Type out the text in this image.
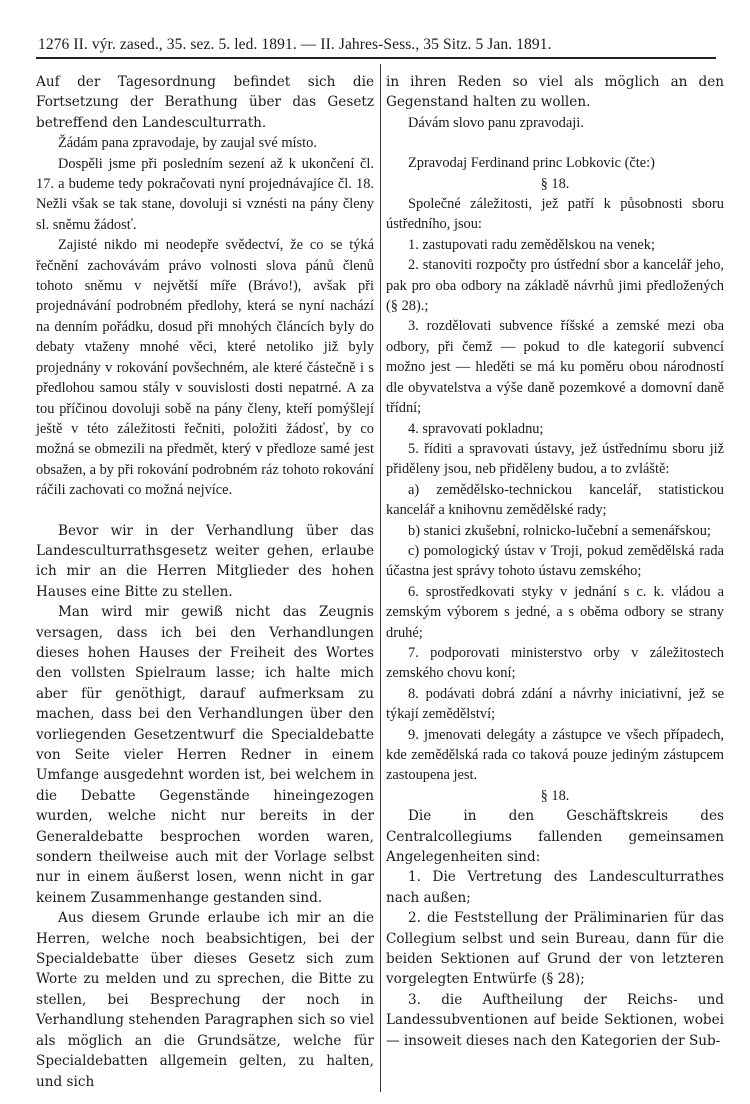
1276 II. výr. zased., 35. sez. 5. led. 1891. — II. Jahres-Sess., 35 Sitz. 5 Jan. 1891.

Auf der Tagesordnung befindet sich die Fortsetzung der Berathung über das Gesetz betreffend den Landesculturrath.

Žádám pana zpravodaje, by zaujal své místo.

Dospěli jsme při posledním sezení až k ukončení čl. 17. a budeme tedy pokračovati nyní projednávajíce čl. 18. Nežli však se tak stane, dovoluji si vznésti na pány členy sl. sněmu žádosť.

Zajisté nikdo mi neodepře svědectví, že co se týká řečnění zachovávám právo volnosti slova pánů členů tohoto sněmu v největší míře (Brávo!), avšak při projednávání podrobném předlohy, která se nyní nachází na denním pořádku, dosud při mnohých článcích byly do debaty vtaženy mnohé věci, které netoliko již byly projednány v rokování povšechném, ale které částečně i s předlohou samou stály v souvislosti dosti nepatrné. A za tou příčinou dovoluji sobě na pány členy, kteří pomýšlejí ještě v této záležitosti řečniti, položiti žádosť, by co možná se obmezili na předmět, který v předloze samé jest obsažen, a by při rokování podrobném ráz tohoto rokování ráčili zachovati co možná nejvíce.

Bevor wir in der Verhandlung über das Landesculturrathsgesetz weiter gehen, erlaube ich mir an die Herren Mitglieder des hohen Hauses eine Bitte zu stellen.

Man wird mir gewiß nicht das Zeugnis versagen, dass ich bei den Verhandlungen dieses hohen Hauses der Freiheit des Wortes den vollsten Spielraum lasse; ich halte mich aber für genöthigt, darauf aufmerksam zu machen, dass bei den Verhandlungen über den vorliegenden Gesetzentwurf die Specialdebatte von Seite vieler Herren Redner in einem Umfange ausgedehnt worden ist, bei welchem in die Debatte Gegenstände hineingezogen wurden, welche nicht nur bereits in der Generaldebatte besprochen worden waren, sondern theilweise auch mit der Vorlage selbst nur in einem äußerst losen, wenn nicht in gar keinem Zusammenhange gestanden sind.

Aus diesem Grunde erlaube ich mir an die Herren, welche noch beabsichtigen, bei der Specialdebatte über dieses Gesetz sich zum Worte zu melden und zu sprechen, die Bitte zu stellen, bei Besprechung der noch in Verhandlung stehenden Paragraphen sich so viel als möglich an die Grundsätze, welche für Specialdebatten allgemein gelten, zu halten, und sich

in ihren Reden so viel als möglich an den Gegenstand halten zu wollen.

Dávám slovo panu zpravodaji.

Zpravodaj Ferdinand princ Lobkovic (čte:)

§ 18.

Společné záležitosti, jež patří k působnosti sboru ústředního, jsou:

1. zastupovati radu zemědělskou na venek;

2. stanoviti rozpočty pro ústřední sbor a kancelář jeho, pak pro oba odbory na základě návrhů jimi předložených (§ 28).;

3. rozdělovati subvence říšské a zemské mezi oba odbory, při čemž — pokud to dle kategorií subvencí možno jest — hleděti se má ku poměru obou národností dle obyvatelstva a výše daně pozemkové a domovní daně třídní;

4. spravovati pokladnu;

5. říditi a spravovati ústavy, jež ústřednímu sboru již přiděleny jsou, neb přiděleny budou, a to zvláště:

a) zemědělsko-technickou kancelář, statistickou kancelář a knihovnu zemědělské rady;

b) stanici zkušební, rolnicko-lučební a semenářskou;

c) pomologický ústav v Troji, pokud zemědělská rada účastna jest správy tohoto ústavu zemského;

6. sprostředkovati styky v jednání s c. k. vládou a zemským výborem s jedné, a s oběma odbory se strany druhé;

7. podporovati ministerstvo orby v záležitostech zemského chovu koní;

8. podávati dobrá zdání a návrhy iniciativní, jež se týkají zemědělství;

9. jmenovati delegáty a zástupce ve všech případech, kde zemědělská rada co taková pouze jediným zástupcem zastoupena jest.

§ 18.

Die in den Geschäftskreis des Centralcollegiums fallenden gemeinsamen Angelegenheiten sind:

1. Die Vertretung des Landesculturrathes nach außen;

2. die Feststellung der Präliminarien für das Collegium selbst und sein Bureau, dann für die beiden Sektionen auf Grund der von letzteren vorgelegten Entwürfe (§ 28);

3. die Auftheilung der Reichs- und Landessubventionen auf beide Sektionen, wobei — insoweit dieses nach den Kategorien der Sub-
